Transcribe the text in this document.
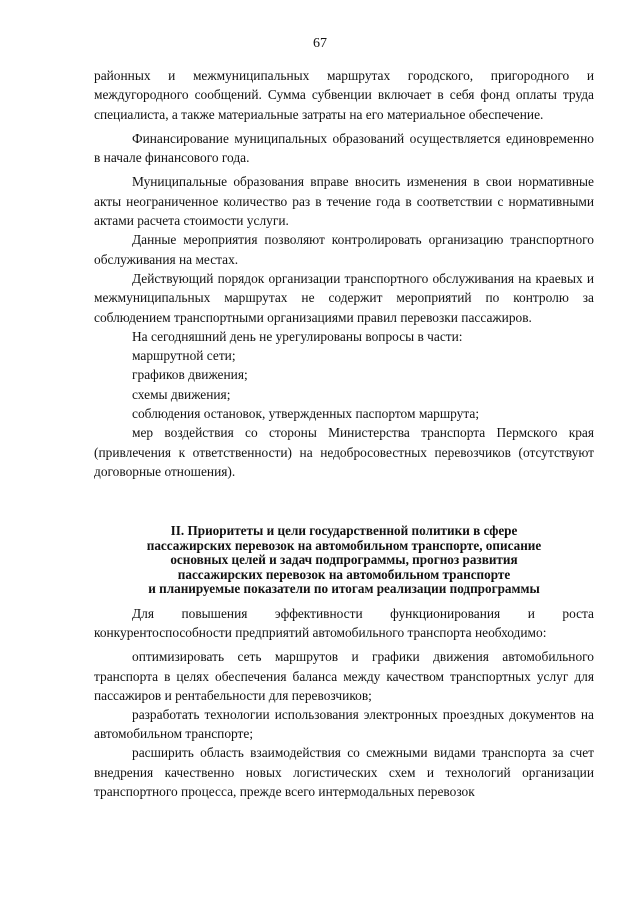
67

районных и межмуниципальных маршрутах городского, пригородного и междугородного сообщений. Сумма субвенции включает в себя фонд оплаты труда специалиста, а также материальные затраты на его материальное обеспечение.

Финансирование муниципальных образований осуществляется единовременно в начале финансового года.

Муниципальные образования вправе вносить изменения в свои нормативные акты неограниченное количество раз в течение года в соответствии с нормативными актами расчета стоимости услуги.

Данные мероприятия позволяют контролировать организацию транспортного обслуживания на местах.

Действующий порядок организации транспортного обслуживания на краевых и межмуниципальных маршрутах не содержит мероприятий по контролю за соблюдением транспортными организациями правил перевозки пассажиров.

На сегодняшний день не урегулированы вопросы в части:

маршрутной сети;

графиков движения;

схемы движения;

соблюдения остановок, утвержденных паспортом маршрута;

мер воздействия со стороны Министерства транспорта Пермского края (привлечения к ответственности) на недобросовестных перевозчиков (отсутствуют договорные отношения).

II. Приоритеты и цели государственной политики в сфере
пассажирских перевозок на автомобильном транспорте, описание
основных целей и задач подпрограммы, прогноз развития
пассажирских перевозок на автомобильном транспорте
и планируемые показатели по итогам реализации подпрограммы

Для повышения эффективности функционирования и роста конкурентоспособности предприятий автомобильного транспорта необходимо:

оптимизировать сеть маршрутов и графики движения автомобильного транспорта в целях обеспечения баланса между качеством транспортных услуг для пассажиров и рентабельности для перевозчиков;

разработать технологии использования электронных проездных документов на автомобильном транспорте;

расширить область взаимодействия со смежными видами транспорта за счет внедрения качественно новых логистических схем и технологий организации транспортного процесса, прежде всего интермодальных перевозок
